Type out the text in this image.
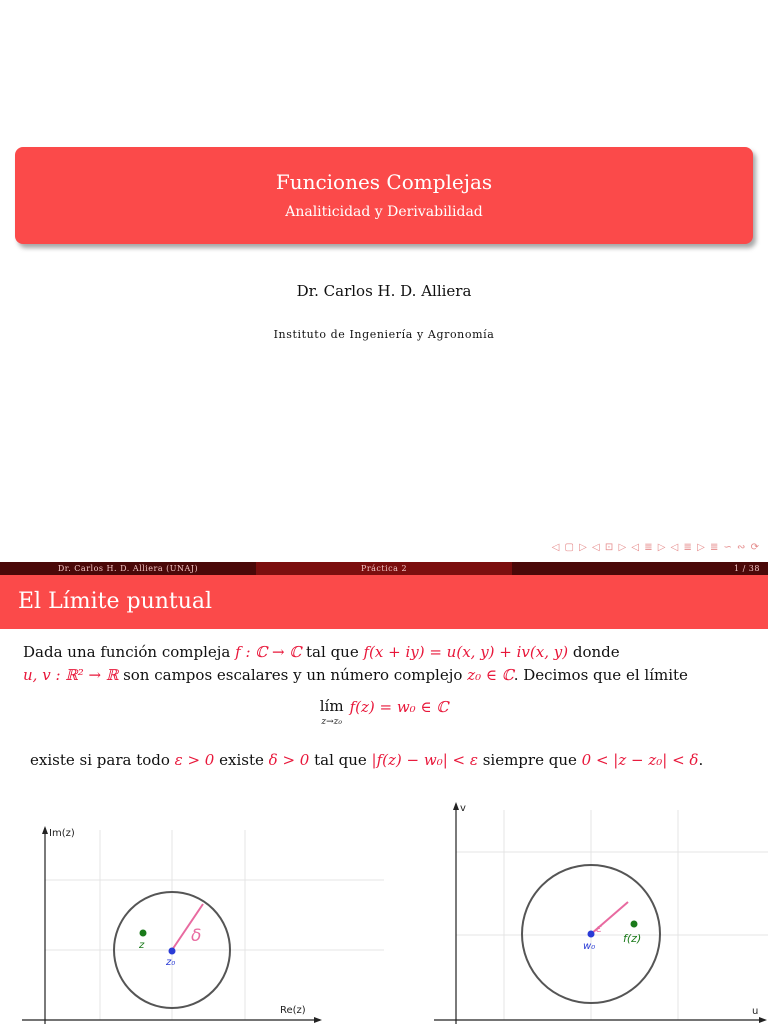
Funciones Complejas
Analiticidad y Derivabilidad
Dr. Carlos H. D. Alliera
Instituto de Ingeniería y Agronomía
◁ ▢ ▷ ◁ ⊡ ▷ ◁ ≣ ▷ ◁ ≣ ▷ ≣ ∽ ∾ ⟳
Dr. Carlos H. D. Alliera (UNAJ)	Práctica 2	1 / 38
El Límite puntual
Dada una función compleja f : ℂ → ℂ tal que f(x + iy) = u(x, y) + iv(x, y) donde
u, v : ℝ² → ℝ son campos escalares y un número complejo z₀ ∈ ℂ. Decimos que el límite
lím
z→z₀
f(z) = w₀ ∈ ℂ
existe si para todo ε > 0 existe δ > 0 tal que |f(z) − w₀| < ε siempre que 0 < |z − z₀| < δ.
Im(z)
Re(z)
δ
z
z₀
v
u
ε
f(z)
w₀
